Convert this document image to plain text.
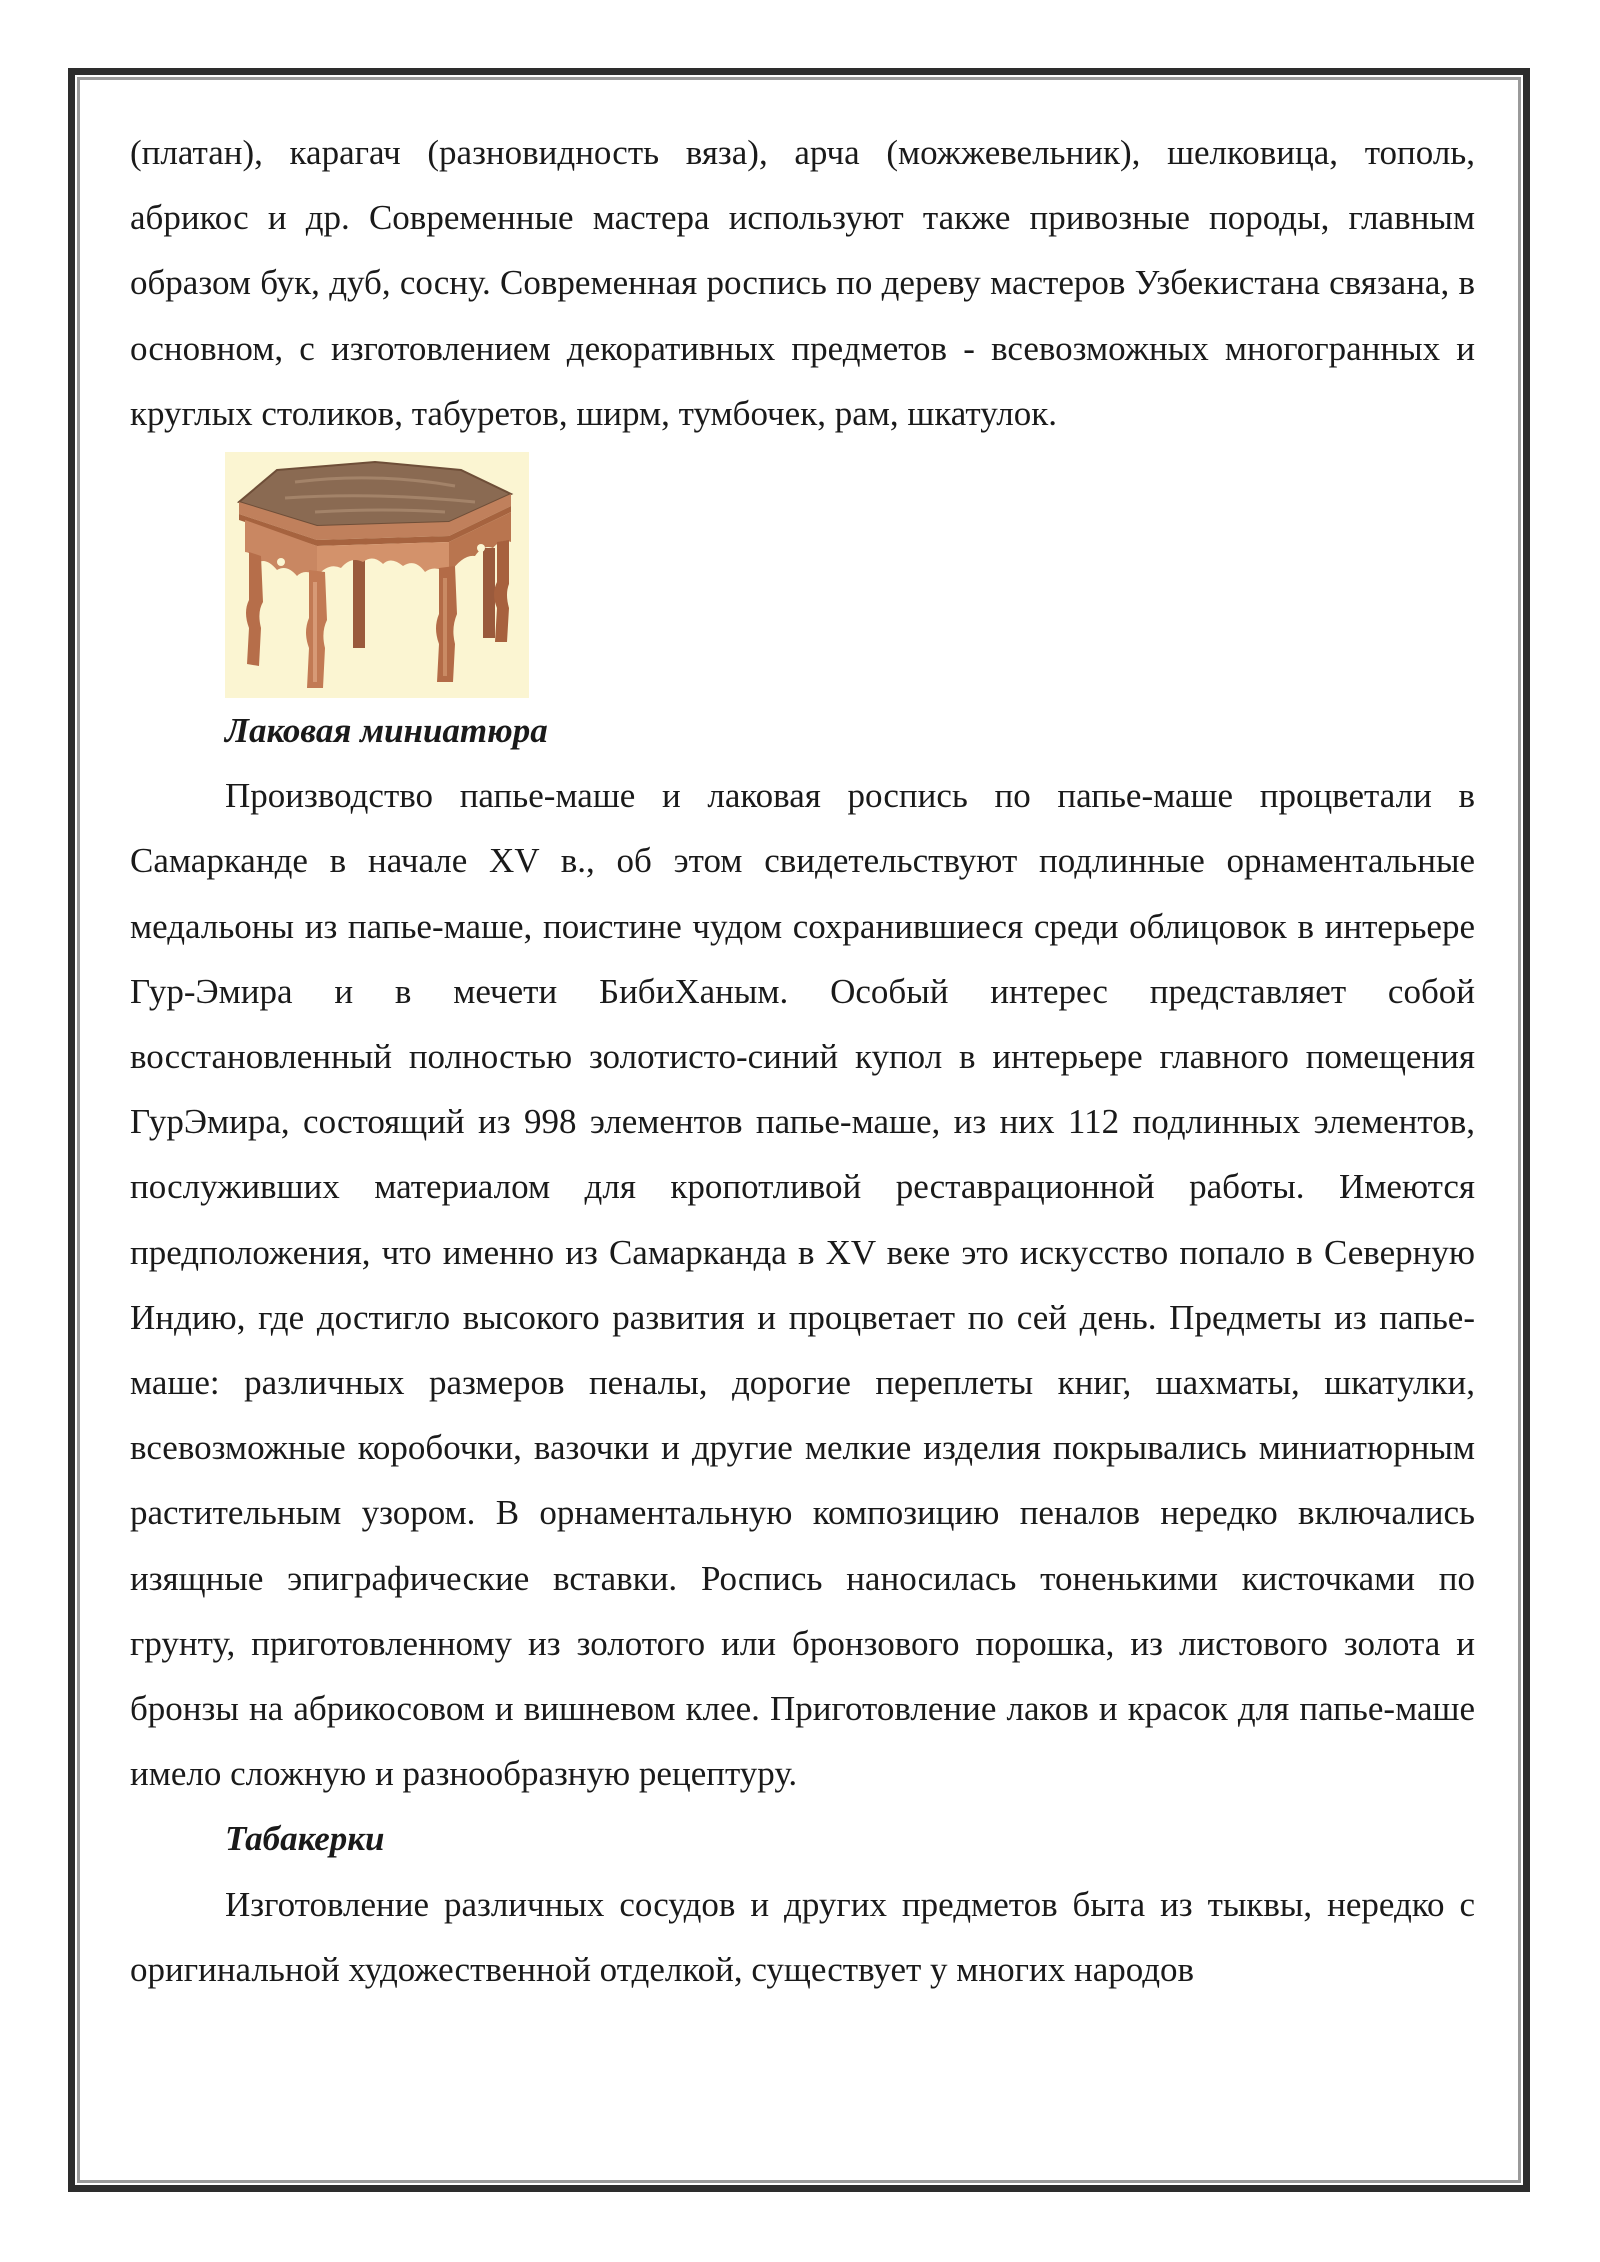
(платан), карагач (разновидность вяза), арча (можжевельник), шелковица, тополь, абрикос и др. Современные мастера используют также привозные породы, главным образом бук, дуб, сосну. Современная роспись по дереву мастеров Узбекистана связана, в основном, с изготовлением декоративных предметов - всевозможных многогранных и круглых столиков, табуретов, ширм, тумбочек, рам, шкатулок.

Лаковая миниатюра

Производство папье-маше и лаковая роспись по папье-маше процветали в Самарканде в начале XV в., об этом свидетельствуют подлинные орнаментальные медальоны из папье-маше, поистине чудом сохранившиеся среди облицовок в интерьере Гур-Эмира и в мечети БибиХаным. Особый интерес представляет собой восстановленный полностью золотисто-синий купол в интерьере главного помещения ГурЭмира, состоящий из 998 элементов папье-маше, из них 112 подлинных элементов, послуживших материалом для кропотливой реставрационной работы. Имеются предположения, что именно из Самарканда в XV веке это искусство попало в Северную Индию, где достигло высокого развития и процветает по сей день. Предметы из папье-маше: различных размеров пеналы, дорогие переплеты книг, шахматы, шкатулки, всевозможные коробочки, вазочки и другие мелкие изделия покрывались миниатюрным растительным узором. В орнаментальную композицию пеналов нередко включались изящные эпиграфические вставки. Роспись наносилась тоненькими кисточками по грунту, приготовленному из золотого или бронзового порошка, из листового золота и бронзы на абрикосовом и вишневом клее. Приготовление лаков и красок для папье-маше имело сложную и разнообразную рецептуру.

Табакерки

Изготовление различных сосудов и других предметов быта из тыквы, нередко с оригинальной художественной отделкой, существует у многих народов
